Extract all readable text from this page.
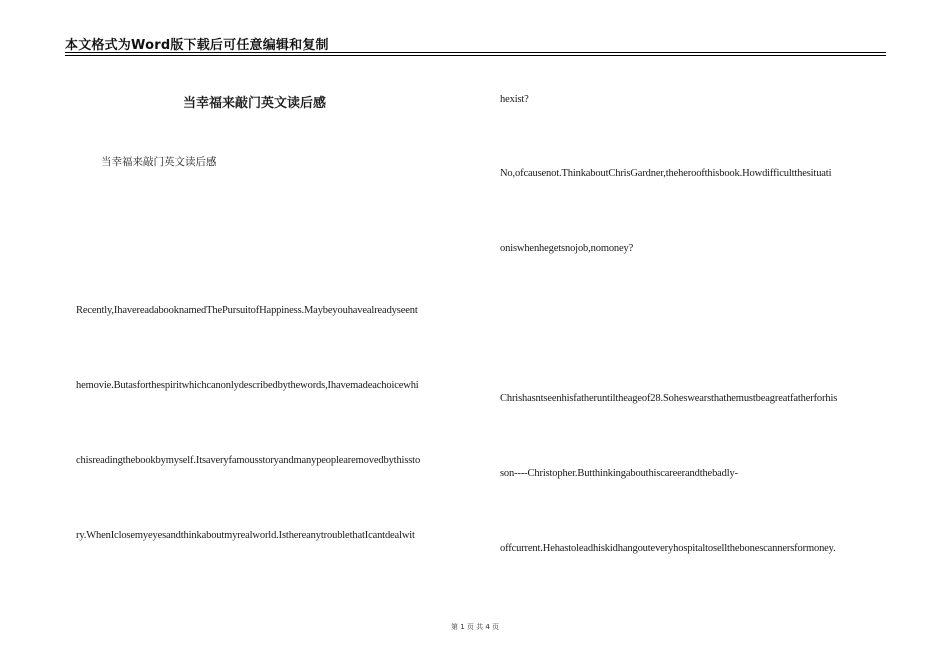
本文格式为Word版下载后可任意编辑和复制
当幸福来敲门英文读后感
当幸福来敲门英文读后感
Recently,IhavereadabooknamedThePursuitofHappiness.Maybeyouhavealreadyseent
hemovie.Butasforthespiritwhichcanonlydescribedbythewords,Ihavemadeachoicewhi
chisreadingthebookbymyself.Itsaveryfamousstoryandmanypeoplearemovedbythissto
ry.WhenIclosemyeyesandthinkaboutmyrealworld.IsthereanytroublethatIcantdealwit
hexist?
No,ofcausenot.ThinkaboutChrisGardner,theheroofthisbook.Howdifficultthesituati
oniswhenhegetsnojob,nomoney?
Chrishasntseenhisfatheruntiltheageof28.Soheswearsthathemustbeagreatfatherforhis
son----Christopher.Butthinkingabouthiscareerandthebadly-
offcurrent.Hehastoleadhiskidhangouteveryhospitaltosellthebonescannersformoney.
第 1 页 共 4 页
